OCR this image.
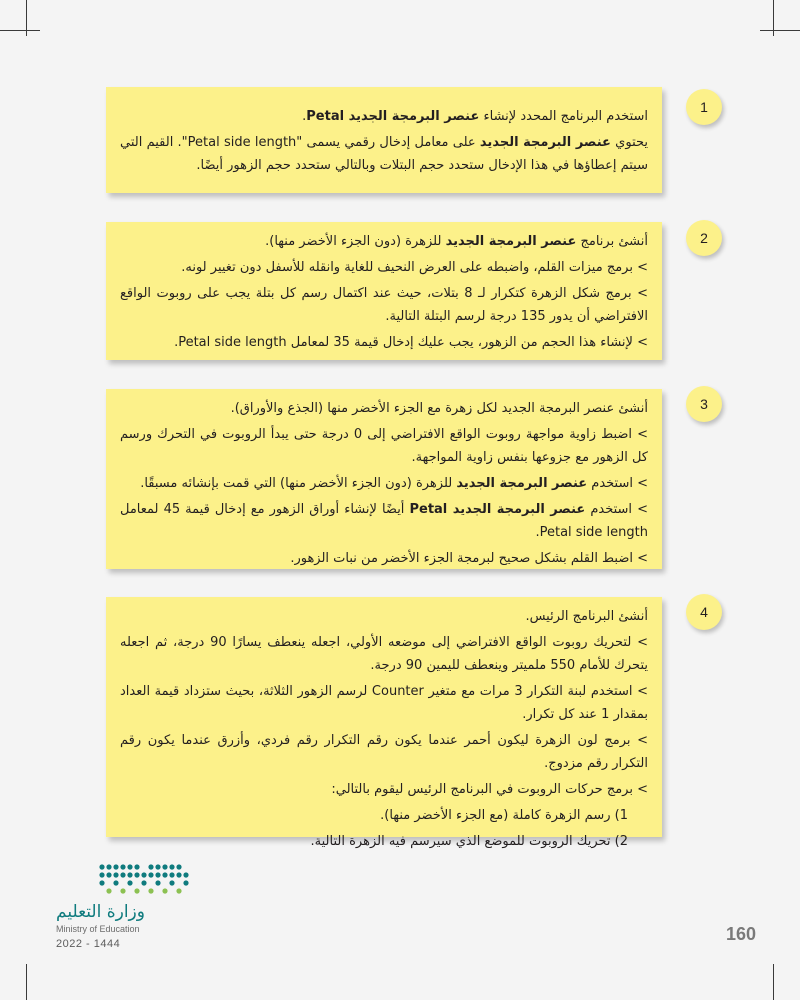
1

استخدم البرنامج المحدد لإنشاء عنصر البرمجة الجديد Petal.

يحتوي عنصر البرمجة الجديد على معامل إدخال رقمي يسمى "Petal side length". القيم التي سيتم إعطاؤها في هذا الإدخال ستحدد حجم البتلات وبالتالي ستحدد حجم الزهور أيضًا.

2

أنشئ برنامج عنصر البرمجة الجديد للزهرة (دون الجزء الأخضر منها).

> برمج ميزات القلم، واضبطه على العرض النحيف للغاية وانقله للأسفل دون تغيير لونه.

> برمج شكل الزهرة كتكرار لـ 8 بتلات، حيث عند اكتمال رسم كل بتلة يجب على روبوت الواقع الافتراضي أن يدور 135 درجة لرسم البتلة التالية.

> لإنشاء هذا الحجم من الزهور، يجب عليك إدخال قيمة 35 لمعامل Petal side length.

3

أنشئ عنصر البرمجة الجديد لكل زهرة مع الجزء الأخضر منها (الجذع والأوراق).

> اضبط زاوية مواجهة روبوت الواقع الافتراضي إلى 0 درجة حتى يبدأ الروبوت في التحرك ورسم كل الزهور مع جزوعها بنفس زاوية المواجهة.

> استخدم عنصر البرمجة الجديد للزهرة (دون الجزء الأخضر منها) التي قمت بإنشائه مسبقًا.

> استخدم عنصر البرمجة الجديد Petal أيضًا لإنشاء أوراق الزهور مع إدخال قيمة 45 لمعامل Petal side length.

> اضبط القلم بشكل صحيح لبرمجة الجزء الأخضر من نبات الزهور.

4

أنشئ البرنامج الرئيس.

> لتحريك روبوت الواقع الافتراضي إلى موضعه الأولي، اجعله ينعطف يسارًا 90 درجة، ثم اجعله يتحرك للأمام 550 ملميتر وينعطف لليمين 90 درجة.

> استخدم لبنة التكرار 3 مرات مع متغير Counter لرسم الزهور الثلاثة، بحيث ستزداد قيمة العداد بمقدار 1 عند كل تكرار.

> برمج لون الزهرة ليكون أحمر عندما يكون رقم التكرار رقم فردي، وأزرق عندما يكون رقم التكرار رقم مزدوج.

> برمج حركات الروبوت في البرنامج الرئيس ليقوم بالتالي:

1) رسم الزهرة كاملة (مع الجزء الأخضر منها).

2) تحريك الروبوت للموضع الذي سيرسم فيه الزهرة التالية.

وزارة التعليم
Ministry of Education
2022 - 1444	160
